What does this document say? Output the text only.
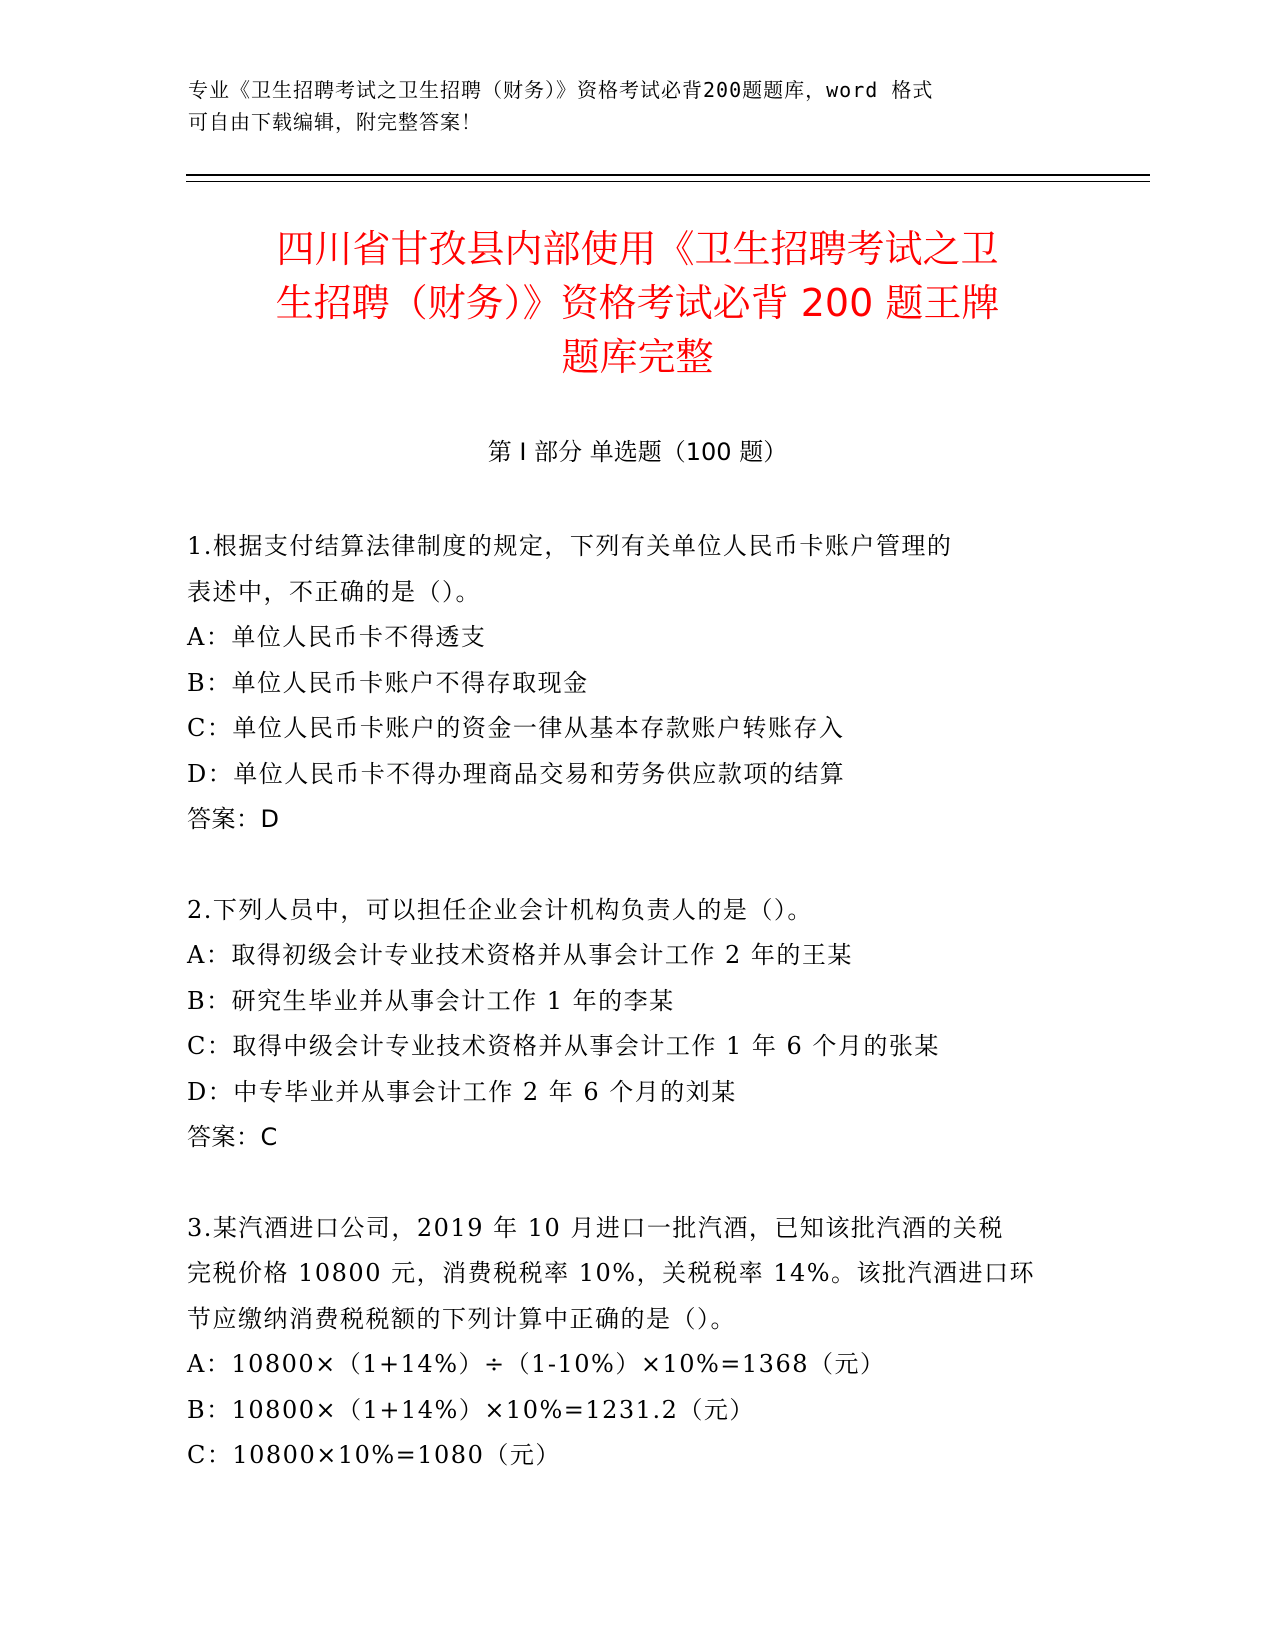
专业《卫生招聘考试之卫生招聘（财务）》资格考试必背200题题库，word 格式
可自由下载编辑，附完整答案！
四川省甘孜县内部使用《卫生招聘考试之卫
生招聘（财务）》资格考试必背 200 题王牌
题库完整
第 I 部分 单选题（100 题）

1.根据支付结算法律制度的规定，下列有关单位人民币卡账户管理的

表述中，不正确的是（）。

A：单位人民币卡不得透支

B：单位人民币卡账户不得存取现金

C：单位人民币卡账户的资金一律从基本存款账户转账存入

D：单位人民币卡不得办理商品交易和劳务供应款项的结算

答案：D

2.下列人员中，可以担任企业会计机构负责人的是（）。

A：取得初级会计专业技术资格并从事会计工作 2 年的王某

B：研究生毕业并从事会计工作 1 年的李某

C：取得中级会计专业技术资格并从事会计工作 1 年 6 个月的张某

D：中专毕业并从事会计工作 2 年 6 个月的刘某

答案：C

3.某汽酒进口公司，2019 年 10 月进口一批汽酒，已知该批汽酒的关税

完税价格 10800 元，消费税税率 10%，关税税率 14%。该批汽酒进口环

节应缴纳消费税税额的下列计算中正确的是（）。

A：10800×（1+14%）÷（1-10%）×10%=1368（元）

B：10800×（1+14%）×10%=1231.2（元）

C：10800×10%=1080（元）
